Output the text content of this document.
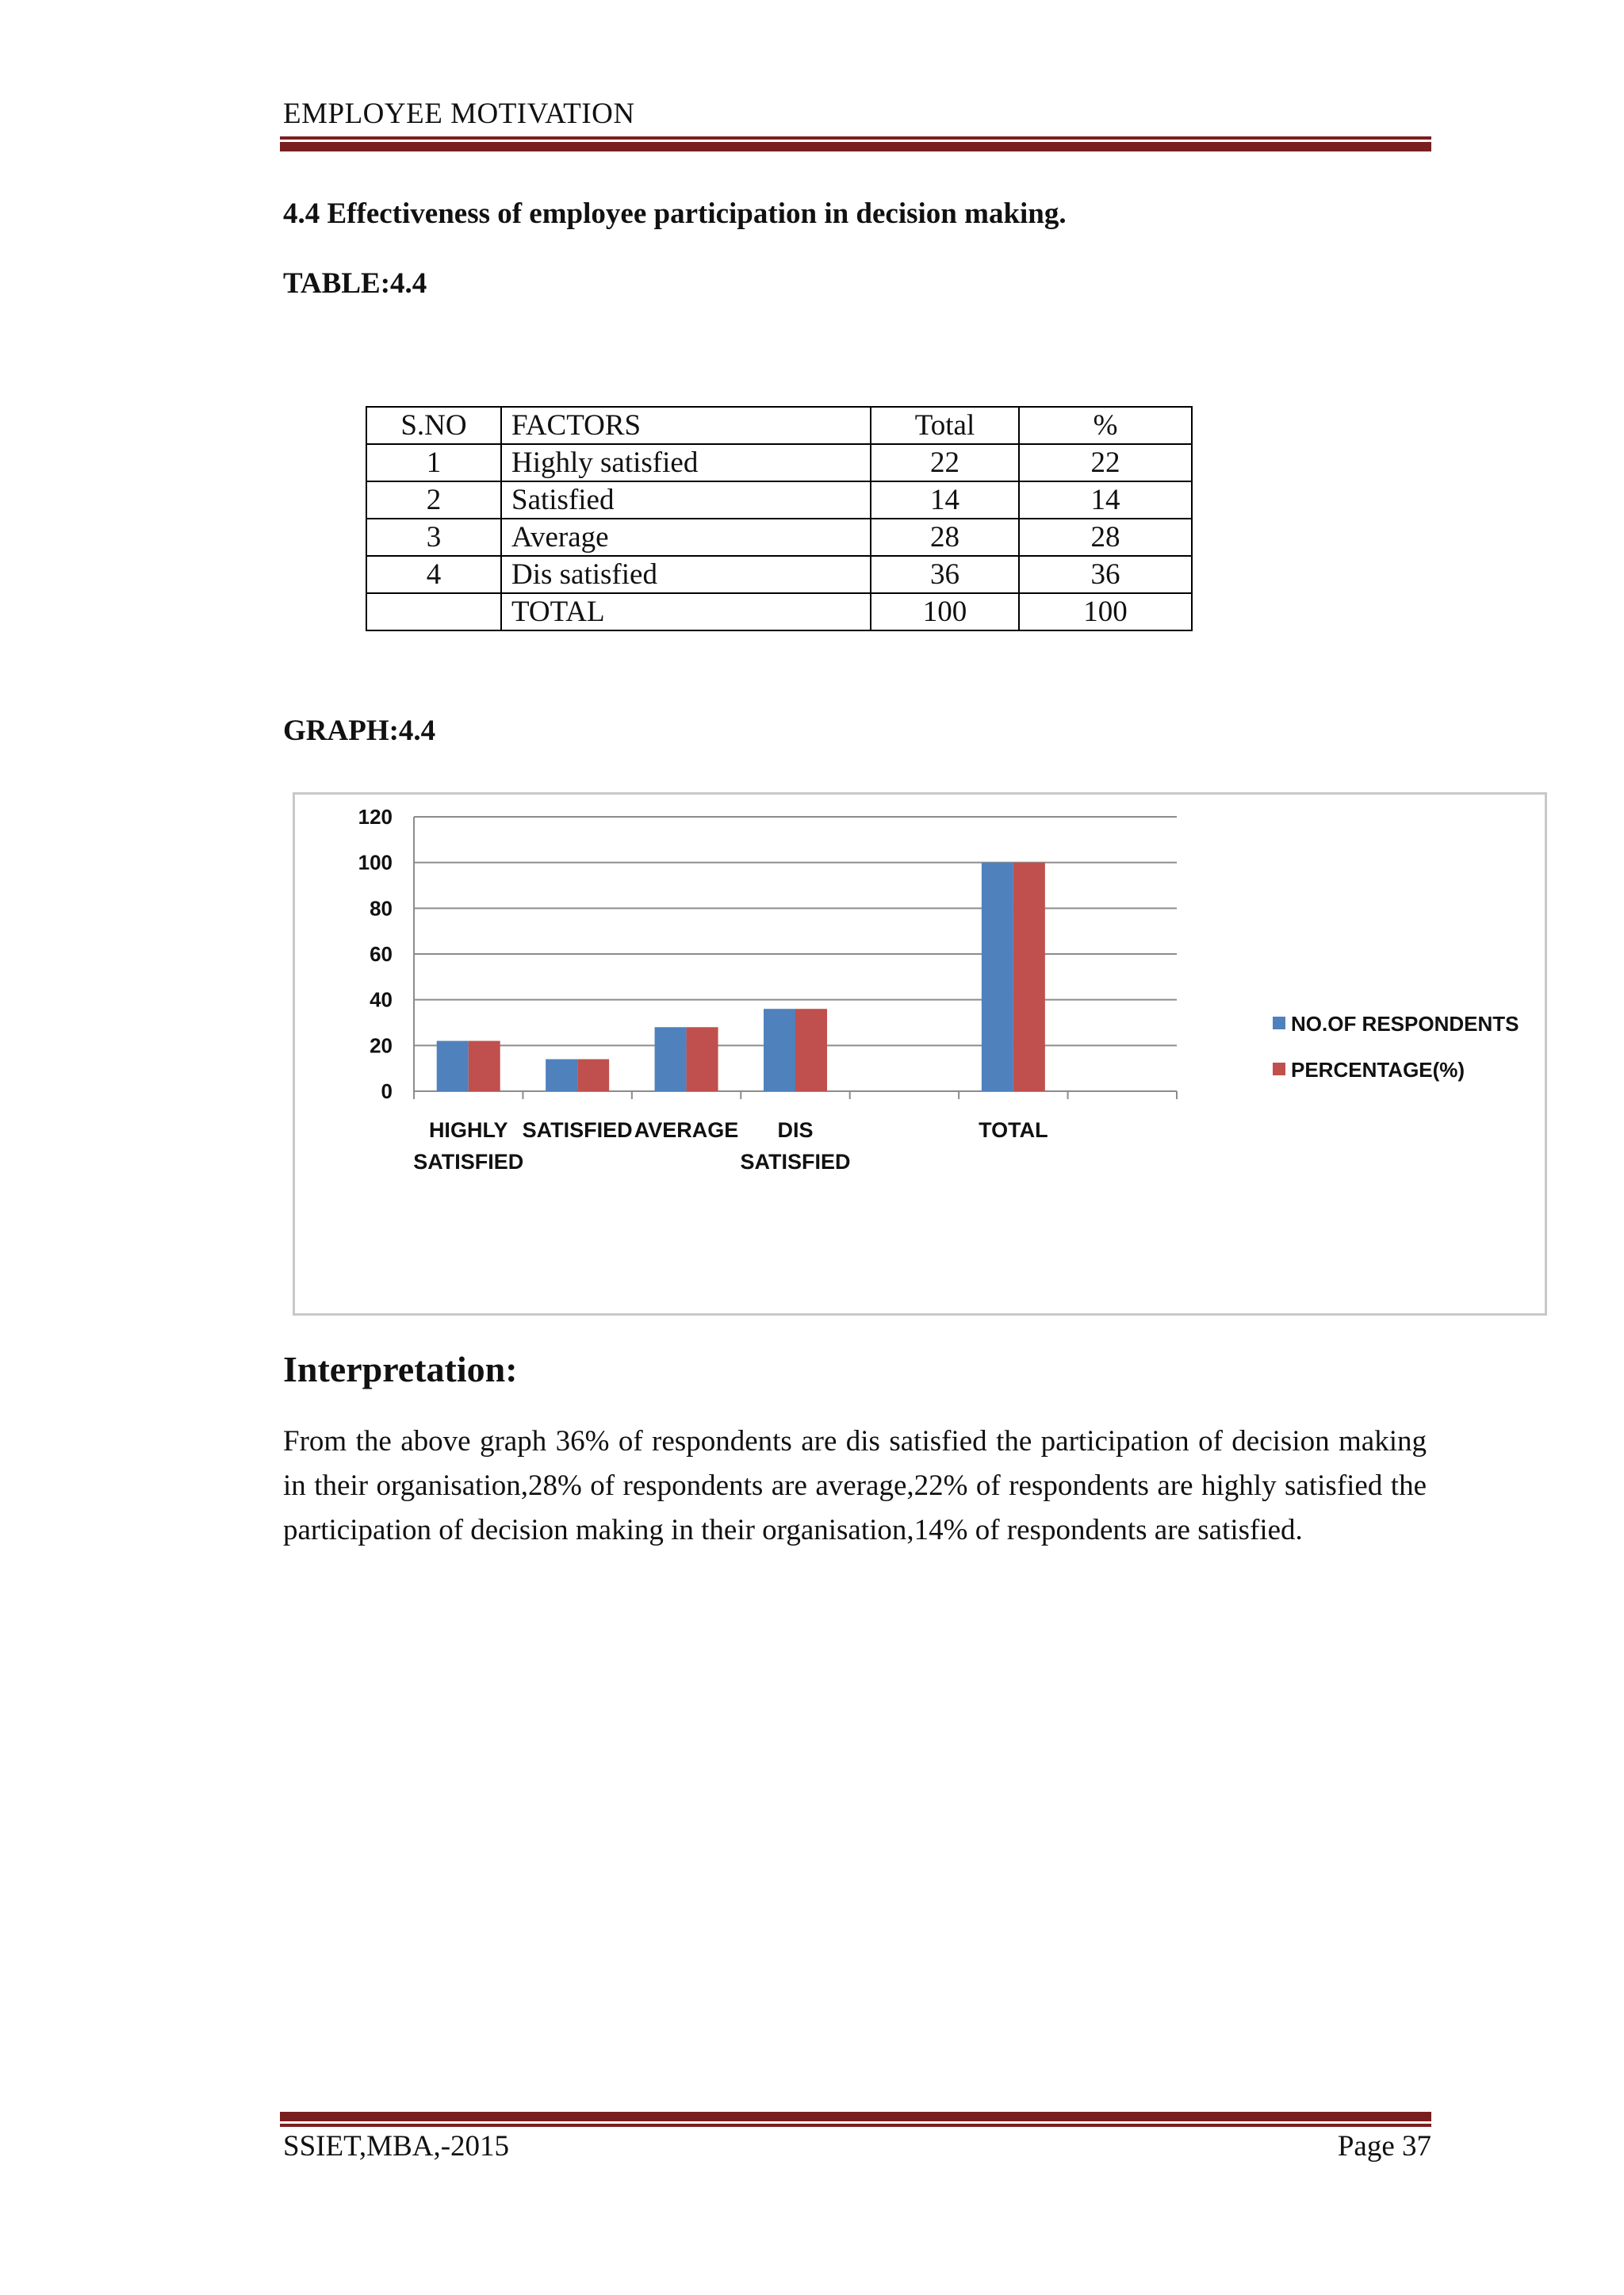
EMPLOYEE MOTIVATION
4.4 Effectiveness of employee participation in decision making.
TABLE:4.4
S.NO	FACTORS	Total	%
1	Highly satisfied	22	22
2	Satisfied	14	14
3	Average	28	28
4	Dis satisfied	36	36
	TOTAL	100	100
GRAPH:4.4
0
20
40
60
80
100
120
HIGHLY
SATISFIED
SATISFIED AVERAGE DIS
SATISFIED
TOTAL
NO.OF RESPONDENTS
PERCENTAGE(%)
Interpretation:
From the above graph 36% of respondents are dis satisfied the participation of decision making in their organisation,28% of respondents are average,22% of respondents are highly satisfied the participation of decision making in their organisation,14% of respondents are satisfied.
SSIET,MBA,-2015	Page 37
